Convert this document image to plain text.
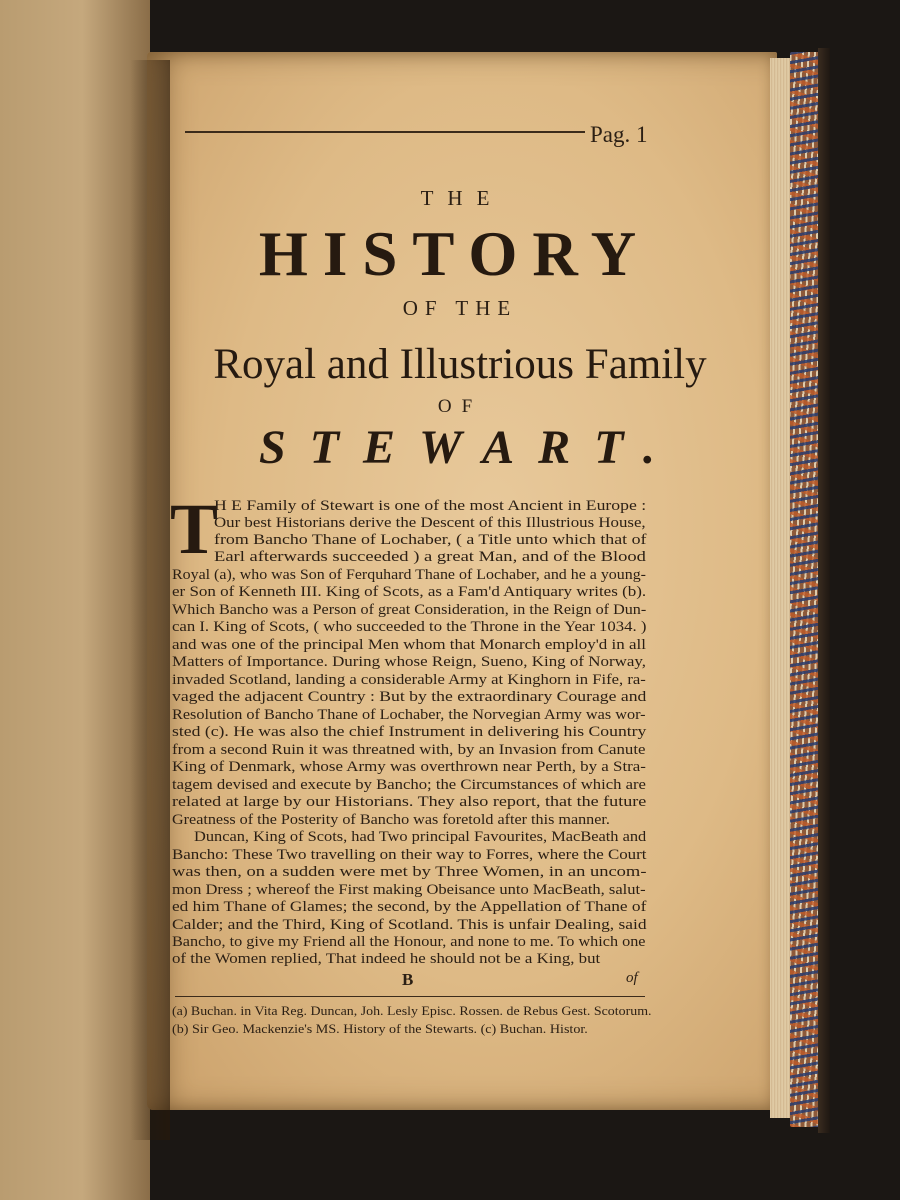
Pag. 1
THE
HISTORY
OF THE
Royal and Illustrious Family
OF
STEWART.
T
H E Family of Stewart is one of the most Ancient in Europe :
Our best Historians derive the Descent of this Illustrious House,
from Bancho Thane of Lochaber, ( a Title unto which that of
Earl afterwards succeeded ) a great Man, and of the Blood
Royal (a), who was Son of Ferquhard Thane of Lochaber, and he a young-
er Son of Kenneth III. King of Scots, as a Fam'd Antiquary writes (b).
Which Bancho was a Person of great Consideration, in the Reign of Dun-
can I. King of Scots, ( who succeeded to the Throne in the Year 1034. )
and was one of the principal Men whom that Monarch employ'd in all
Matters of Importance. During whose Reign, Sueno, King of Norway,
invaded Scotland, landing a considerable Army at Kinghorn in Fife, ra-
vaged the adjacent Country : But by the extraordinary Courage and
Resolution of Bancho Thane of Lochaber, the Norvegian Army was wor-
sted (c). He was also the chief Instrument in delivering his Country
from a second Ruin it was threatned with, by an Invasion from Canute
King of Denmark, whose Army was overthrown near Perth, by a Stra-
tagem devised and execute by Bancho; the Circumstances of which are
related at large by our Historians. They also report, that the future
Greatness of the Posterity of Bancho was foretold after this manner.
Duncan, King of Scots, had Two principal Favourites, MacBeath and
Bancho: These Two travelling on their way to Forres, where the Court
was then, on a sudden were met by Three Women, in an uncom-
mon Dress ; whereof the First making Obeisance unto MacBeath, salut-
ed him Thane of Glames; the second, by the Appellation of Thane of
Calder; and the Third, King of Scotland. This is unfair Dealing, said
Bancho, to give my Friend all the Honour, and none to me. To which one
of the Women replied, That indeed he should not be a King, but
B	of
(a) Buchan. in Vita Reg. Duncan, Joh. Lesly Episc. Rossen. de Rebus Gest. Scotorum.
(b) Sir Geo. Mackenzie's MS. History of the Stewarts. (c) Buchan. Histor.
